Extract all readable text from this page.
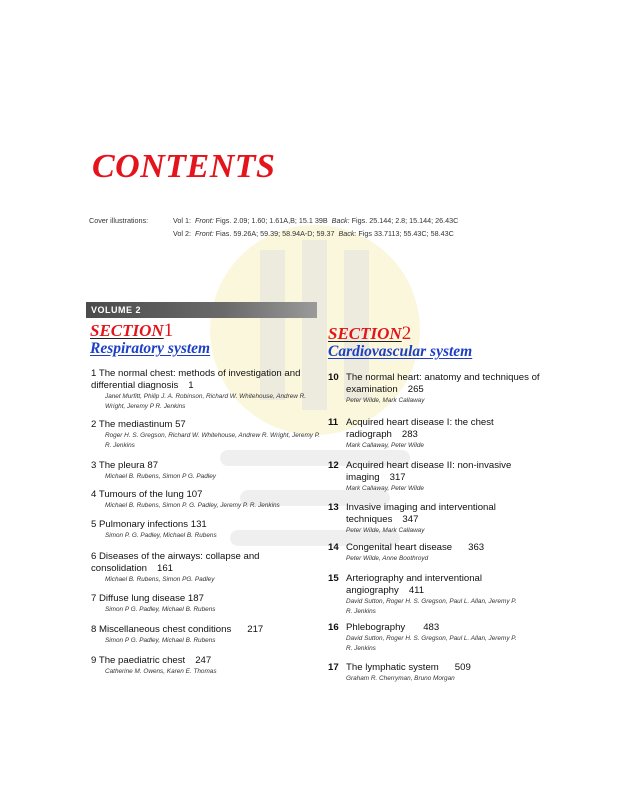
CONTENTS
Cover illustrations:	Vol 1: Front: Figs. 2.09; 1.60; 1.61A,B; 15.1 39B Back: Figs. 25.144; 2.8; 15.144; 26.43C
Vol 2: Front: Fias. 59.26A; 59.39; 58.94A-D; 59.37 Back: Figs 33.7113; 55.43C; 58.43C
VOLUME 2
SECTION1
Respiratory system
SECTION2
Cardiovascular system
1 The normal chest: methods of investigation and differential diagnosis 1
Janet Murfitt, Philip J. A. Robinson, Richard W. Whitehouse, Andrew R. Wright, Jeremy P R. Jenkins
2 The mediastinum 57
Roger H. S. Gregson, Richard W. Whitehouse, Andrew R. Wright, Jeremy P. R. Jenkins
3 The pleura 87
Michael B. Rubens, Simon P G. Padley
4 Tumours of the lung 107
Michael B. Rubens, Simon P. G. Padley, Jeremy P. R. Jenkins
5 Pulmonary infections 131
Simon P. G. Padley, Michael B. Rubens
6 Diseases of the airways: collapse and consolidation 161
Michael B. Rubens, Simon PG. Padley
7 Diffuse lung disease 187
Simon P G. Padley, Michael B. Rubens
8 Miscellaneous chest conditions 217
Simon P G. Padley, Michael B. Rubens
9 The paediatric chest 247
Catherine M. Owens, Karen E. Thomas
10 The normal heart: anatomy and techniques of examination 265
Peter Wilde, Mark Callaway
11 Acquired heart disease I: the chest radiograph 283
Mark Callaway, Peter Wilde
12 Acquired heart disease II: non-invasive imaging 317
Mark Callaway, Peter Wilde
13 Invasive imaging and interventional techniques 347
Peter Wilde, Mark Callaway
14 Congenital heart disease 363
Peter Wilde, Anne Boothroyd
15 Arteriography and interventional angiography 411
David Sutton, Roger H. S. Gregson, Paul L. Allan, Jeremy P. R. Jenkins
16 Phlebography 483
David Sutton, Roger H. S. Gregson, Paul L. Allan, Jeremy P. R. Jenkins
17 The lymphatic system 509
Graham R. Cherryman, Bruno Morgan
